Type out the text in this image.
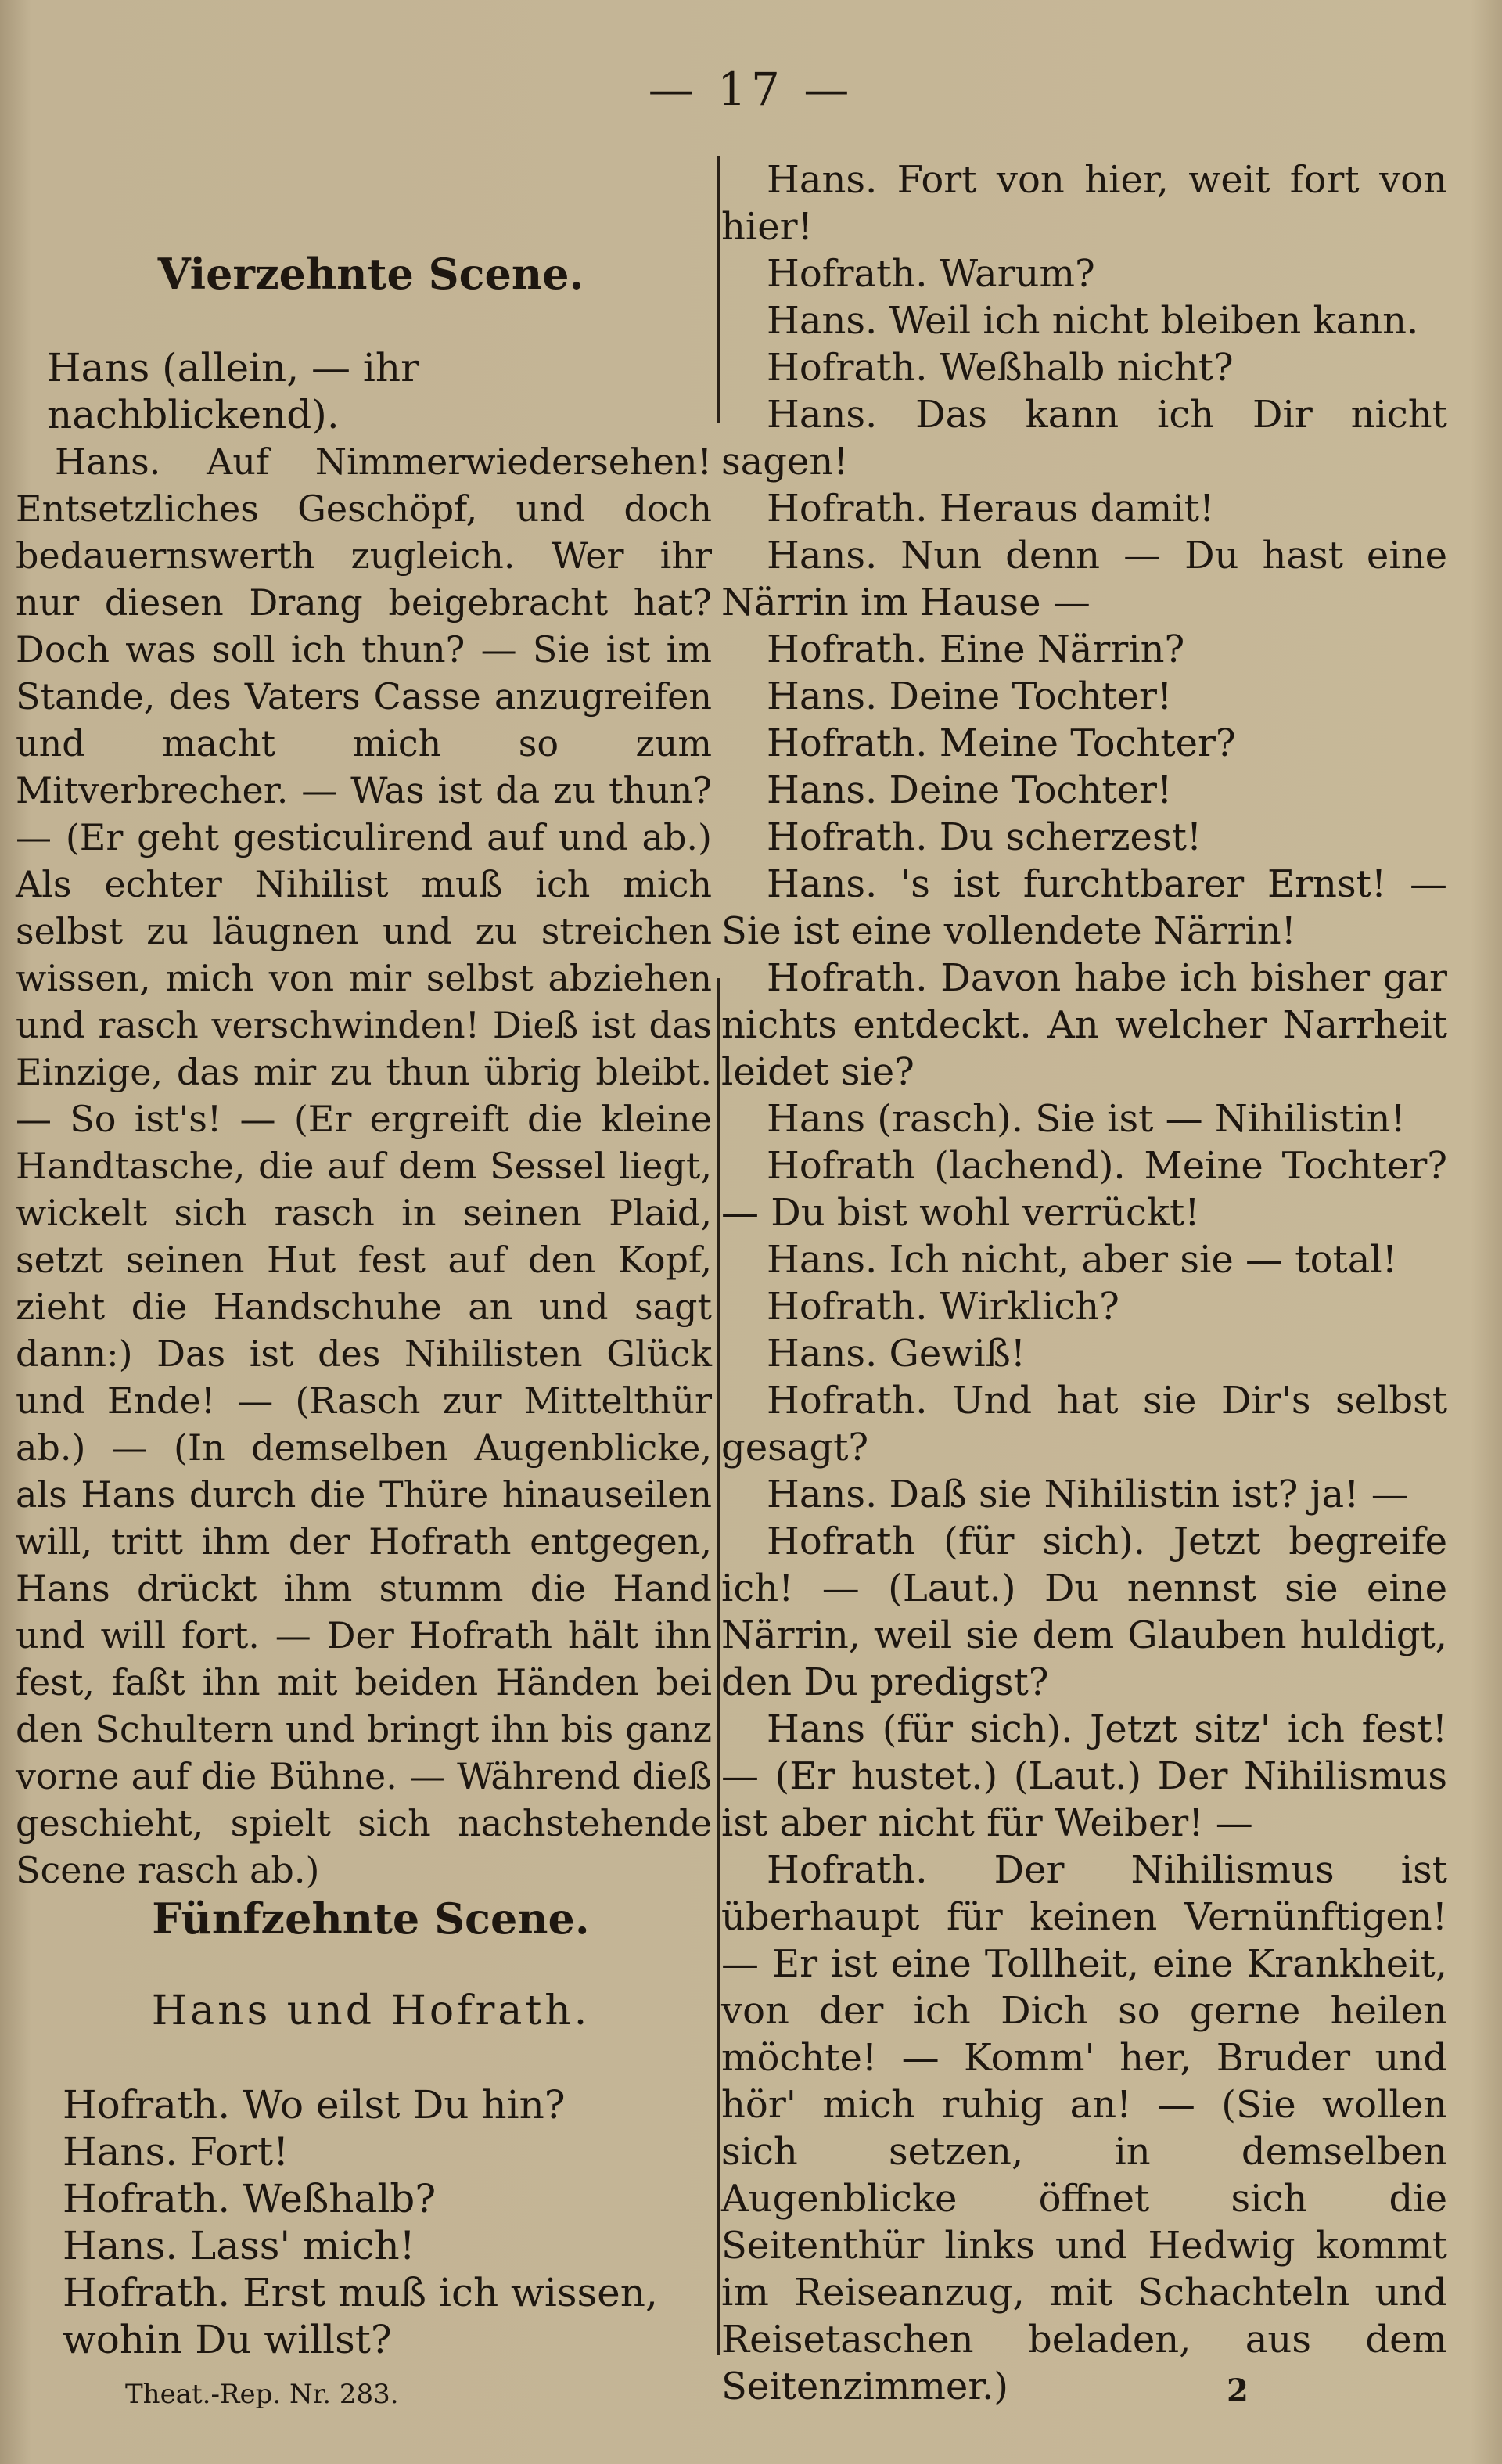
— 17 —
Vierzehnte Scene.
Hans (allein, — ihr nachblickend).

Hans. Auf Nimmerwiedersehen! Entsetzliches Geschöpf, und doch bedauernswerth zugleich. Wer ihr nur diesen Drang beigebracht hat? Doch was soll ich thun? — Sie ist im Stande, des Vaters Casse anzugreifen und macht mich so zum Mitverbrecher. — Was ist da zu thun? — (Er geht gesticulirend auf und ab.) Als echter Nihilist muß ich mich selbst zu läugnen und zu streichen wissen, mich von mir selbst abziehen und rasch verschwinden! Dieß ist das Einzige, das mir zu thun übrig bleibt. — So ist's! — (Er ergreift die kleine Handtasche, die auf dem Sessel liegt, wickelt sich rasch in seinen Plaid, setzt seinen Hut fest auf den Kopf, zieht die Handschuhe an und sagt dann:) Das ist des Nihilisten Glück und Ende! — (Rasch zur Mittelthür ab.) — (In demselben Augenblicke, als Hans durch die Thüre hinauseilen will, tritt ihm der Hofrath entgegen, Hans drückt ihm stumm die Hand und will fort. — Der Hofrath hält ihn fest, faßt ihn mit beiden Händen bei den Schultern und bringt ihn bis ganz vorne auf die Bühne. — Während dieß geschieht, spielt sich nachstehende Scene rasch ab.)

Fünfzehnte Scene.
Hans und Hofrath.
Hofrath. Wo eilst Du hin?
Hans. Fort!
Hofrath. Weßhalb?
Hans. Lass' mich!
Hofrath. Erst muß ich wissen, wohin Du willst?

Hans. Fort von hier, weit fort von hier!

Hofrath. Warum?

Hans. Weil ich nicht bleiben kann.

Hofrath. Weßhalb nicht?

Hans. Das kann ich Dir nicht sagen!

Hofrath. Heraus damit!

Hans. Nun denn — Du hast eine Närrin im Hause —

Hofrath. Eine Närrin?

Hans. Deine Tochter!

Hofrath. Meine Tochter?

Hans. Deine Tochter!

Hofrath. Du scherzest!

Hans. 's ist furchtbarer Ernst! — Sie ist eine vollendete Närrin!

Hofrath. Davon habe ich bisher gar nichts entdeckt. An welcher Narrheit leidet sie?

Hans (rasch). Sie ist — Nihilistin!

Hofrath (lachend). Meine Tochter? — Du bist wohl verrückt!

Hans. Ich nicht, aber sie — total!

Hofrath. Wirklich?

Hans. Gewiß!

Hofrath. Und hat sie Dir's selbst gesagt?

Hans. Daß sie Nihilistin ist? ja! —

Hofrath (für sich). Jetzt begreife ich! — (Laut.) Du nennst sie eine Närrin, weil sie dem Glauben huldigt, den Du predigst?

Hans (für sich). Jetzt sitz' ich fest! — (Er hustet.) (Laut.) Der Nihilismus ist aber nicht für Weiber! —

Hofrath. Der Nihilismus ist überhaupt für keinen Vernünftigen! — Er ist eine Tollheit, eine Krankheit, von der ich Dich so gerne heilen möchte! — Komm' her, Bruder und hör' mich ruhig an! — (Sie wollen sich setzen, in demselben Augenblicke öffnet sich die Seitenthür links und Hedwig kommt im Reiseanzug, mit Schachteln und Reisetaschen beladen, aus dem Seitenzimmer.)

Theat.-Rep. Nr. 283.	2
